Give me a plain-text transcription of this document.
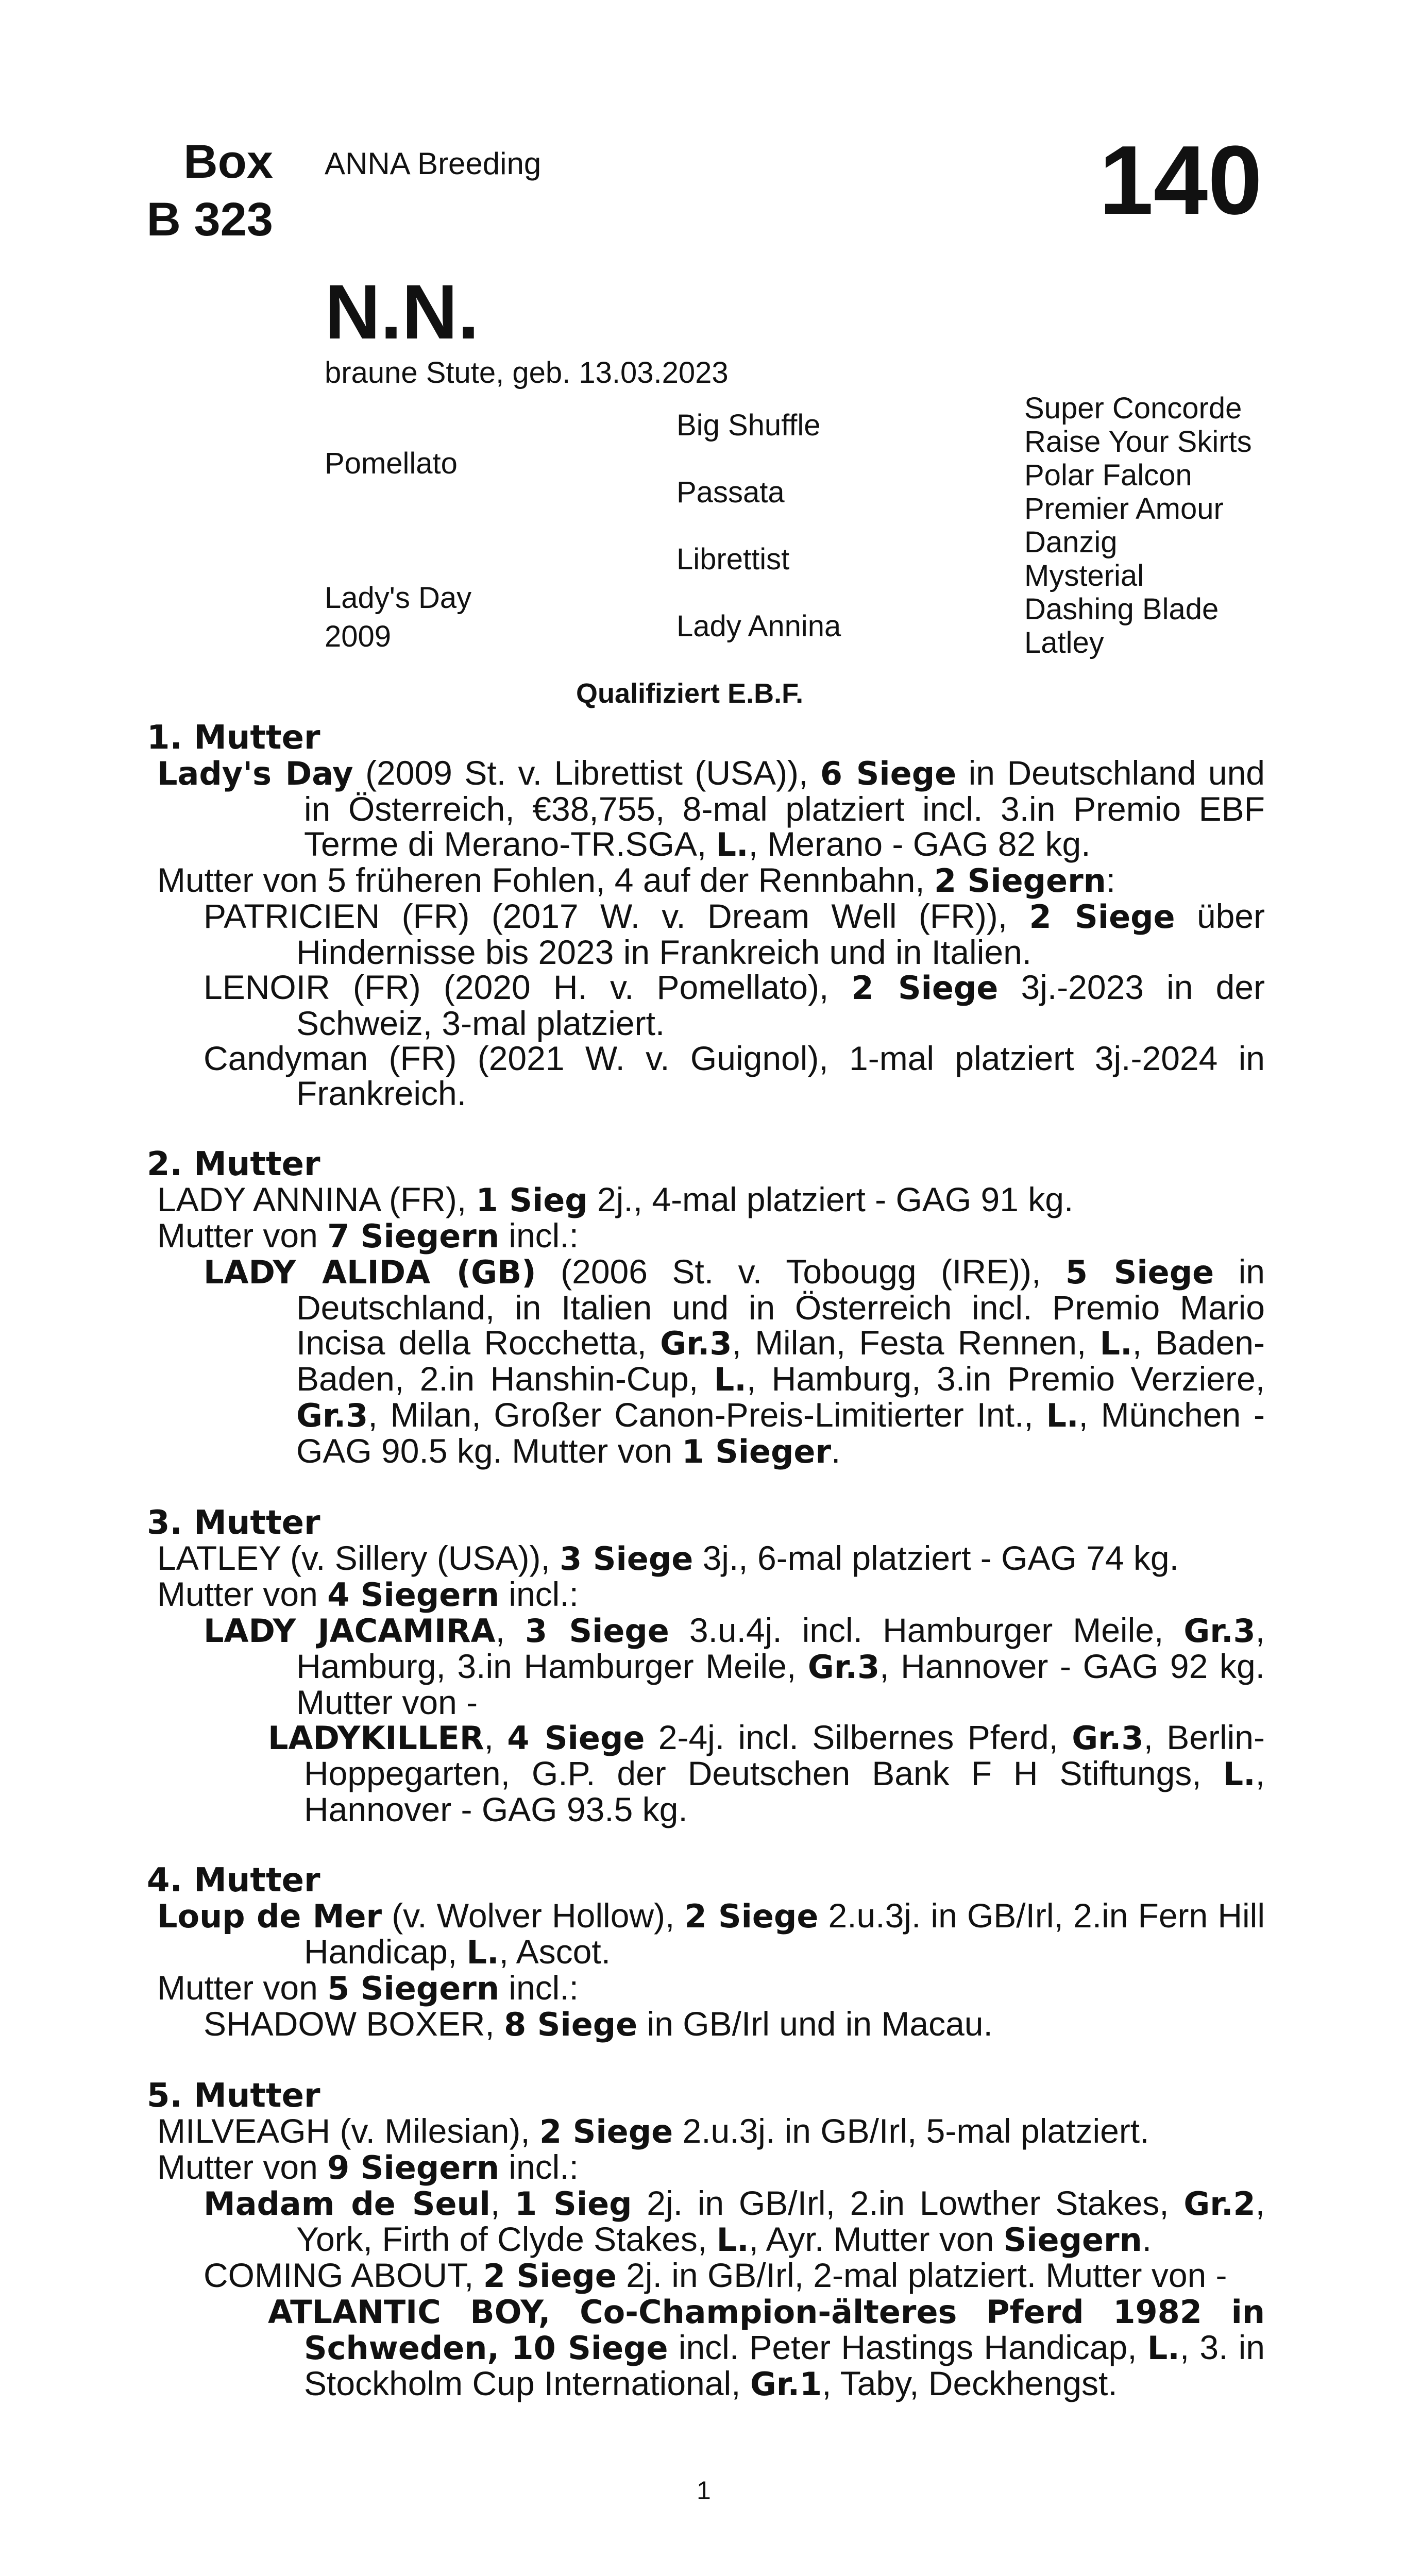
Box
B 323
ANNA Breeding	140
N.N.
braune Stute, geb. 13.03.2023
Pomellato
Lady's Day
2009
Big Shuffle
Passata
Librettist
Lady Annina
Super Concorde
Raise Your Skirts
Polar Falcon
Premier Amour
Danzig
Mysterial
Dashing Blade
Latley
Qualifiziert E.B.F.
1. Mutter
Lady's Day (2009 St. v. Librettist (USA)), 6 Siege in Deutschland und in Österreich, €38,755, 8-mal platziert incl. 3.in Premio EBF Terme di Merano-TR.SGA, L., Merano - GAG 82 kg.
Mutter von 5 früheren Fohlen, 4 auf der Rennbahn, 2 Siegern:
PATRICIEN (FR) (2017 W. v. Dream Well (FR)), 2 Siege über Hindernisse bis 2023 in Frankreich und in Italien.
LENOIR (FR) (2020 H. v. Pomellato), 2 Siege 3j.-2023 in der Schweiz, 3-mal platziert.
Candyman (FR) (2021 W. v. Guignol), 1-mal platziert 3j.-2024 in Frankreich.
2. Mutter
LADY ANNINA (FR), 1 Sieg 2j., 4-mal platziert - GAG 91 kg.
Mutter von 7 Siegern incl.:
LADY ALIDA (GB) (2006 St. v. Tobougg (IRE)), 5 Siege in Deutschland, in Italien und in Österreich incl. Premio Mario Incisa della Rocchetta, Gr.3, Milan, Festa Rennen, L., Baden-Baden, 2.in Hanshin-Cup, L., Hamburg, 3.in Premio Verziere, Gr.3, Milan, Großer Canon-Preis-Limitierter Int., L., München - GAG 90.5 kg. Mutter von 1 Sieger.
3. Mutter
LATLEY (v. Sillery (USA)), 3 Siege 3j., 6-mal platziert - GAG 74 kg.
Mutter von 4 Siegern incl.:
LADY JACAMIRA, 3 Siege 3.u.4j. incl. Hamburger Meile, Gr.3, Hamburg, 3.in Hamburger Meile, Gr.3, Hannover - GAG 92 kg. Mutter von -
LADYKILLER, 4 Siege 2-4j. incl. Silbernes Pferd, Gr.3, Berlin-Hoppegarten, G.P. der Deutschen Bank F H Stiftungs, L., Hannover - GAG 93.5 kg.
4. Mutter
Loup de Mer (v. Wolver Hollow), 2 Siege 2.u.3j. in GB/Irl, 2.in Fern Hill Handicap, L., Ascot.
Mutter von 5 Siegern incl.:
SHADOW BOXER, 8 Siege in GB/Irl und in Macau.
5. Mutter
MILVEAGH (v. Milesian), 2 Siege 2.u.3j. in GB/Irl, 5-mal platziert.
Mutter von 9 Siegern incl.:
Madam de Seul, 1 Sieg 2j. in GB/Irl, 2.in Lowther Stakes, Gr.2, York, Firth of Clyde Stakes, L., Ayr. Mutter von Siegern.
COMING ABOUT, 2 Siege 2j. in GB/Irl, 2-mal platziert. Mutter von -
ATLANTIC BOY, Co-Champion-älteres Pferd 1982 in Schweden, 10 Siege incl. Peter Hastings Handicap, L., 3. in Stockholm Cup International, Gr.1, Taby, Deckhengst.
1
